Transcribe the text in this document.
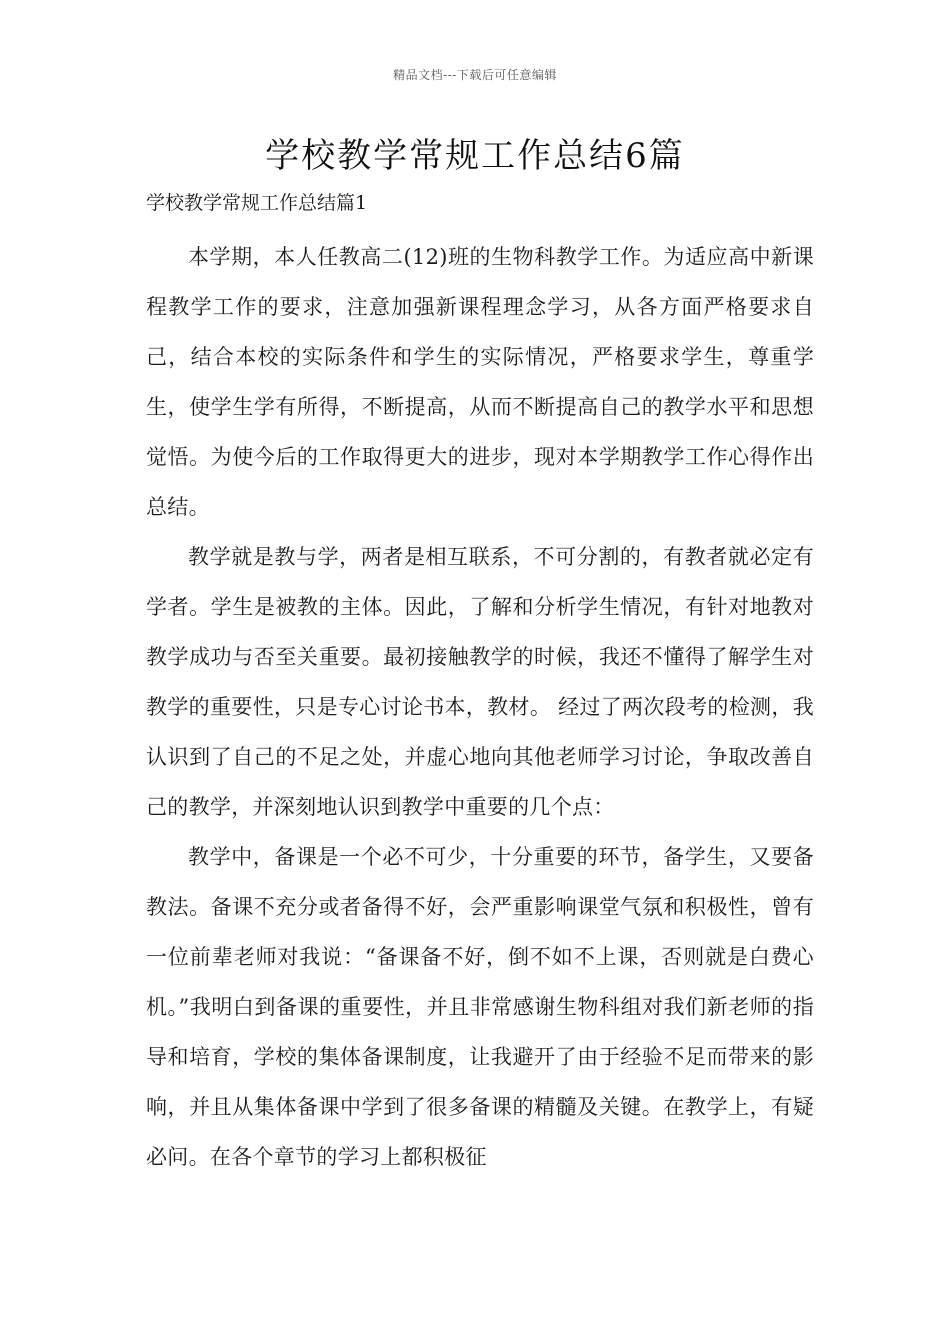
精品文档---下载后可任意编辑
学校教学常规工作总结6篇
学校教学常规工作总结篇1

本学期，本人任教高二(12)班的生物科教学工作。为适应高中新课程教学工作的要求，注意加强新课程理念学习，从各方面严格要求自己，结合本校的实际条件和学生的实际情况，严格要求学生，尊重学生，使学生学有所得，不断提高，从而不断提高自己的教学水平和思想觉悟。为使今后的工作取得更大的进步，现对本学期教学工作心得作出总结。

教学就是教与学，两者是相互联系，不可分割的，有教者就必定有学者。学生是被教的主体。因此，了解和分析学生情况，有针对地教对教学成功与否至关重要。最初接触教学的时候，我还不懂得了解学生对教学的重要性，只是专心讨论书本，教材。 经过了两次段考的检测，我认识到了自己的不足之处，并虚心地向其他老师学习讨论，争取改善自己的教学，并深刻地认识到教学中重要的几个点：

教学中，备课是一个必不可少，十分重要的环节，备学生，又要备教法。备课不充分或者备得不好，会严重影响课堂气氛和积极性，曾有一位前辈老师对我说：“备课备不好，倒不如不上课，否则就是白费心机。”我明白到备课的重要性，并且非常感谢生物科组对我们新老师的指导和培育，学校的集体备课制度，让我避开了由于经验不足而带来的影响，并且从集体备课中学到了很多备课的精髓及关键。在教学上，有疑必问。在各个章节的学习上都积极征
